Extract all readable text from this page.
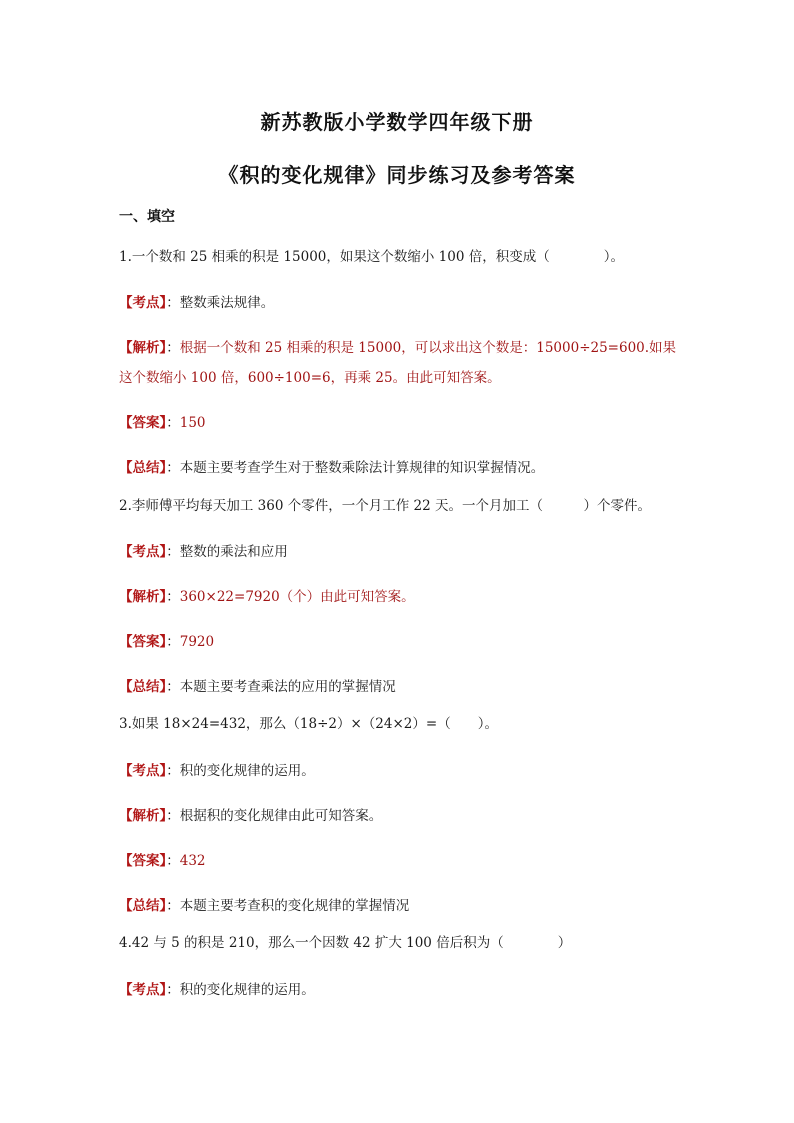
新苏教版小学数学四年级下册
《积的变化规律》同步练习及参考答案
一、填空
1.一个数和 25 相乘的积是 15000，如果这个数缩小 100 倍，积变成（　　　　）。
【考点】：整数乘法规律。
【解析】：根据一个数和 25 相乘的积是 15000，可以求出这个数是：15000÷25=600.如果
这个数缩小 100 倍，600÷100=6，再乘 25。由此可知答案。
【答案】：150
【总结】：本题主要考查学生对于整数乘除法计算规律的知识掌握情况。
2.李师傅平均每天加工 360 个零件，一个月工作 22 天。一个月加工（　　　）个零件。
【考点】：整数的乘法和应用
【解析】：360×22=7920（个）由此可知答案。
【答案】：7920
【总结】：本题主要考查乘法的应用的掌握情况
3.如果 18×24=432，那么（18÷2）×（24×2）=（　　）。
【考点】：积的变化规律的运用。
【解析】：根据积的变化规律由此可知答案。
【答案】：432
【总结】：本题主要考查积的变化规律的掌握情况
4.42 与 5 的积是 210，那么一个因数 42 扩大 100 倍后积为（　　　　）
【考点】：积的变化规律的运用。
